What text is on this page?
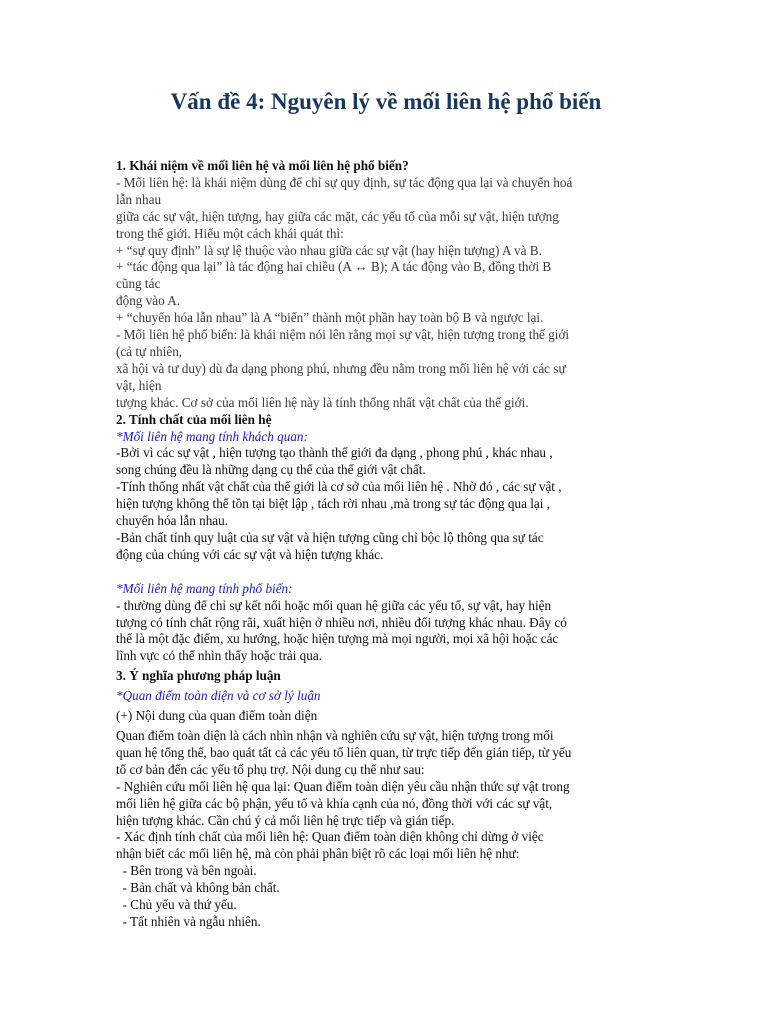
Vấn đề 4: Nguyên lý về mối liên hệ phổ biến
1. Khái niệm về mối liên hệ và mối liên hệ phổ biến?
- Mối liên hệ: là khái niệm dùng để chỉ sự quy định, sự tác động qua lại và chuyển hoá
lẫn nhau
giữa các sự vật, hiện tượng, hay giữa các mặt, các yếu tố của mỗi sự vật, hiện tượng
trong thế giới. Hiểu một cách khái quát thì:
+ “sự quy định” là sự lệ thuộc vào nhau giữa các sự vật (hay hiện tượng) A và B.
+ “tác động qua lại” là tác động hai chiều (A ↔ B); A tác động vào B, đồng thời B
cũng tác
động vào A.
+ “chuyển hóa lẫn nhau” là A “biến” thành một phần hay toàn bộ B và ngược lại.
- Mối liên hệ phổ biến: là khái niệm nói lên rằng mọi sự vật, hiện tượng trong thế giới
(cả tự nhiên,
xã hội và tư duy) dù đa dạng phong phú, nhưng đều nằm trong mối liên hệ với các sự
vật, hiện
tượng khác. Cơ sở của mối liên hệ này là tính thống nhất vật chất của thế giới.
2. Tính chất của mối liên hệ
*Mối liên hệ mang tính khách quan:
-Bởi vì các sự vật , hiện tượng tạo thành thế giới đa dạng , phong phú , khác nhau ,
song chúng đều là những dạng cụ thể của thế giới vật chất.
-Tính thống nhất vật chất của thế giới là cơ sở của mối liên hệ . Nhờ đó , các sự vật ,
hiện tượng không thể tồn tại biệt lập , tách rời nhau ,mà trong sự tác động qua lại ,
chuyển hóa lẫn nhau.
-Bản chất tính quy luật của sự vật và hiện tượng cũng chỉ bộc lộ thông qua sự tác
động của chúng với các sự vật và hiện tượng khác.
*Mối liên hệ mang tính phổ biến:
- thường dùng để chỉ sự kết nối hoặc mối quan hệ giữa các yếu tố, sự vật, hay hiện
tượng có tính chất rộng rãi, xuất hiện ở nhiều nơi, nhiều đối tượng khác nhau. Đây có
thể là một đặc điểm, xu hướng, hoặc hiện tượng mà mọi người, mọi xã hội hoặc các
lĩnh vực có thể nhìn thấy hoặc trải qua.
3. Ý nghĩa phương pháp luận
*Quan điểm toàn diện và cơ sở lý luận
(+) Nội dung của quan điểm toàn diện
Quan điểm toàn diện là cách nhìn nhận và nghiên cứu sự vật, hiện tượng trong mối
quan hệ tổng thể, bao quát tất cả các yếu tố liên quan, từ trực tiếp đến gián tiếp, từ yếu
tố cơ bản đến các yếu tố phụ trợ. Nội dung cụ thể như sau:
- Nghiên cứu mối liên hệ qua lại: Quan điểm toàn diện yêu cầu nhận thức sự vật trong
mối liên hệ giữa các bộ phận, yếu tố và khía cạnh của nó, đồng thời với các sự vật,
hiện tượng khác. Cần chú ý cả mối liên hệ trực tiếp và gián tiếp.
- Xác định tính chất của mối liên hệ: Quan điểm toàn diện không chỉ dừng ở việc
nhận biết các mối liên hệ, mà còn phải phân biệt rõ các loại mối liên hệ như:
- Bên trong và bên ngoài.
- Bản chất và không bản chất.
- Chủ yếu và thứ yếu.
- Tất nhiên và ngẫu nhiên.
